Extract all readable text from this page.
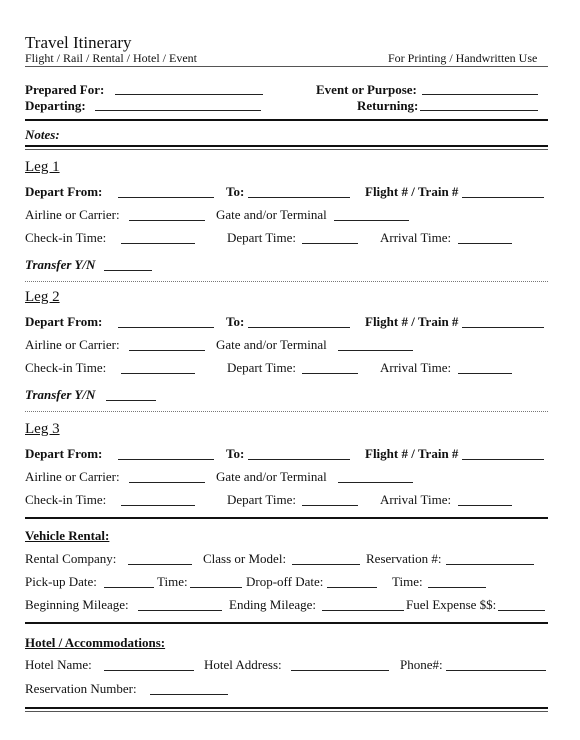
Travel Itinerary
Flight / Rail / Rental / Hotel / Event	For Printing / Handwritten Use
Prepared For:	Event or Purpose:
Departing:	Returning:
Notes:
Leg 1
Depart From:	To:	Flight # / Train #
Airline or Carrier:	Gate and/or Terminal
Check-in Time:	Depart Time:	Arrival Time:
Transfer Y/N
Leg 2
Depart From:	To:	Flight # / Train #
Airline or Carrier:	Gate and/or Terminal
Check-in Time:	Depart Time:	Arrival Time:
Transfer Y/N
Leg 3
Depart From:	To:	Flight # / Train #
Airline or Carrier:	Gate and/or Terminal
Check-in Time:	Depart Time:	Arrival Time:
Vehicle Rental:
Rental Company:	Class or Model:	Reservation #:
Pick-up Date:	Time:	Drop-off Date:	Time:
Beginning Mileage:	Ending Mileage:	Fuel Expense $$:
Hotel / Accommodations:
Hotel Name:	Hotel Address:	Phone#:
Reservation Number:
